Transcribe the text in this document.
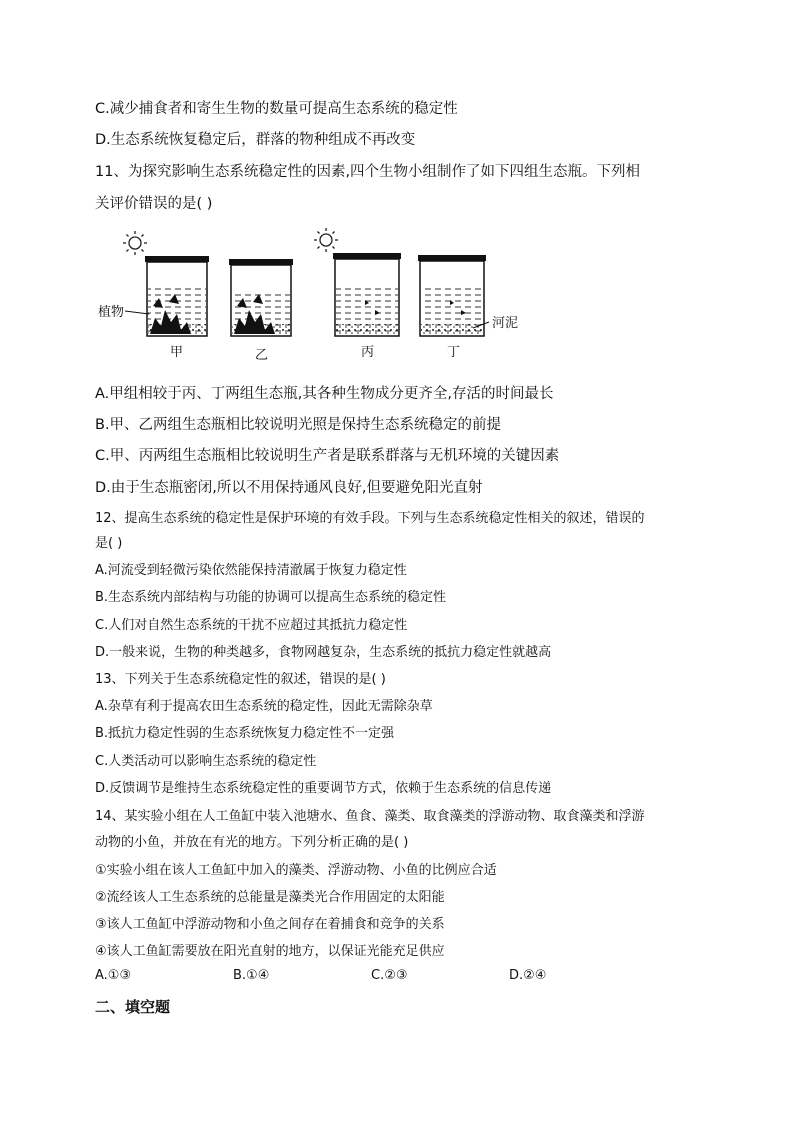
C.减少捕食者和寄生生物的数量可提高生态系统的稳定性
D.生态系统恢复稳定后，群落的物种组成不再改变
11、为探究影响生态系统稳定性的因素,四个生物小组制作了如下四组生态瓶。下列相
关评价错误的是( )
植物
河泥
甲	乙	丙	丁
A.甲组相较于丙、丁两组生态瓶,其各种生物成分更齐全,存活的时间最长
B.甲、乙两组生态瓶相比较说明光照是保持生态系统稳定的前提
C.甲、丙两组生态瓶相比较说明生产者是联系群落与无机环境的关键因素
D.由于生态瓶密闭,所以不用保持通风良好,但要避免阳光直射
12、提高生态系统的稳定性是保护环境的有效手段。下列与生态系统稳定性相关的叙述，错误的
是( )
A.河流受到轻微污染依然能保持清澈属于恢复力稳定性
B.生态系统内部结构与功能的协调可以提高生态系统的稳定性
C.人们对自然生态系统的干扰不应超过其抵抗力稳定性
D.一般来说，生物的种类越多，食物网越复杂，生态系统的抵抗力稳定性就越高
13、下列关于生态系统稳定性的叙述，错误的是( )
A.杂草有利于提高农田生态系统的稳定性，因此无需除杂草
B.抵抗力稳定性弱的生态系统恢复力稳定性不一定强
C.人类活动可以影响生态系统的稳定性
D.反馈调节是维持生态系统稳定性的重要调节方式，依赖于生态系统的信息传递
14、某实验小组在人工鱼缸中装入池塘水、鱼食、藻类、取食藻类的浮游动物、取食藻类和浮游
动物的小鱼，并放在有光的地方。下列分析正确的是( )
①实验小组在该人工鱼缸中加入的藻类、浮游动物、小鱼的比例应合适
②流经该人工生态系统的总能量是藻类光合作用固定的太阳能
③该人工鱼缸中浮游动物和小鱼之间存在着捕食和竞争的关系
④该人工鱼缸需要放在阳光直射的地方，以保证光能充足供应
A.①③	B.①④	C.②③	D.②④
二、填空题
